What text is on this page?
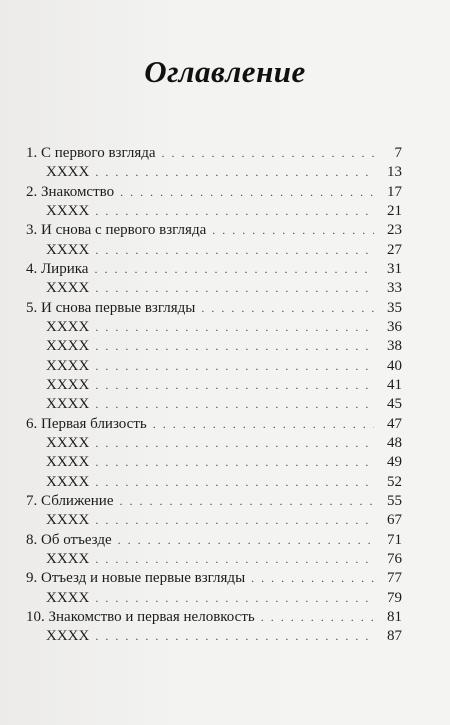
Оглавление
1. С первого взгляда . . .	7
XXXX . . .	13
2. Знакомство . . .	17
XXXX . . .	21
3. И снова с первого взгляда . . .	23
XXXX . . .	27
4. Лирика . . .	31
XXXX . . .	33
5. И снова первые взгляды . . .	35
XXXX . . .	36
XXXX . . .	38
XXXX . . .	40
XXXX . . .	41
XXXX . . .	45
6. Первая близость . . .	47
XXXX . . .	48
XXXX . . .	49
XXXX . . .	52
7. Сближение . . .	55
XXXX . . .	67
8. Об отъезде . . .	71
XXXX . . .	76
9. Отъезд и новые первые взгляды . . .	77
XXXX . . .	79
10. Знакомство и первая неловкость . . .	81
XXXX . . .	87
